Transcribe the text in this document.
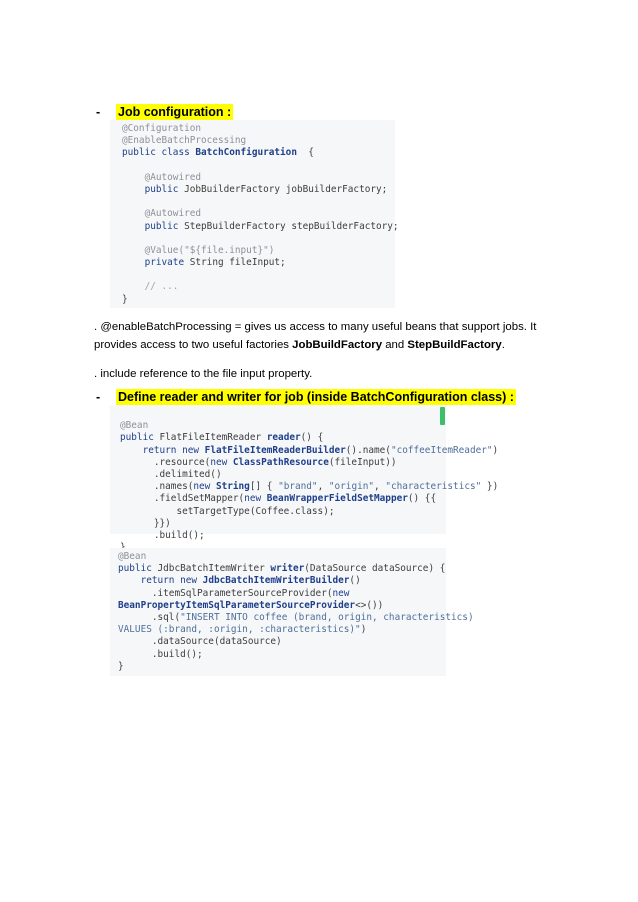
- Job configuration :
@Configuration
@EnableBatchProcessing
public class BatchConfiguration  {
@Autowired
public JobBuilderFactory jobBuilderFactory;
@Autowired
public StepBuilderFactory stepBuilderFactory;
@Value("${file.input}")
private String fileInput;
// ...
}
. @enableBatchProcessing = gives us access to many useful beans that support jobs. It
provides access to two useful factories JobBuildFactory and StepBuildFactory.
. include reference to the file input property.
- Define reader and writer for job (inside BatchConfiguration class) :

@Bean
public FlatFileItemReader reader() {
return new FlatFileItemReaderBuilder().name("coffeeItemReader")
.resource(new ClassPathResource(fileInput))
.delimited()
.names(new String[] { "brand", "origin", "characteristics" })
.fieldSetMapper(new BeanWrapperFieldSetMapper() {{
setTargetType(Coffee.class);
}})
.build();
@Bean
public JdbcBatchItemWriter writer(DataSource dataSource) {
return new JdbcBatchItemWriterBuilder()
.itemSqlParameterSourceProvider(new
BeanPropertyItemSqlParameterSourceProvider<>())
.sql("INSERT INTO coffee (brand, origin, characteristics)
VALUES (:brand, :origin, :characteristics)")
.dataSource(dataSource)
.build();
}
